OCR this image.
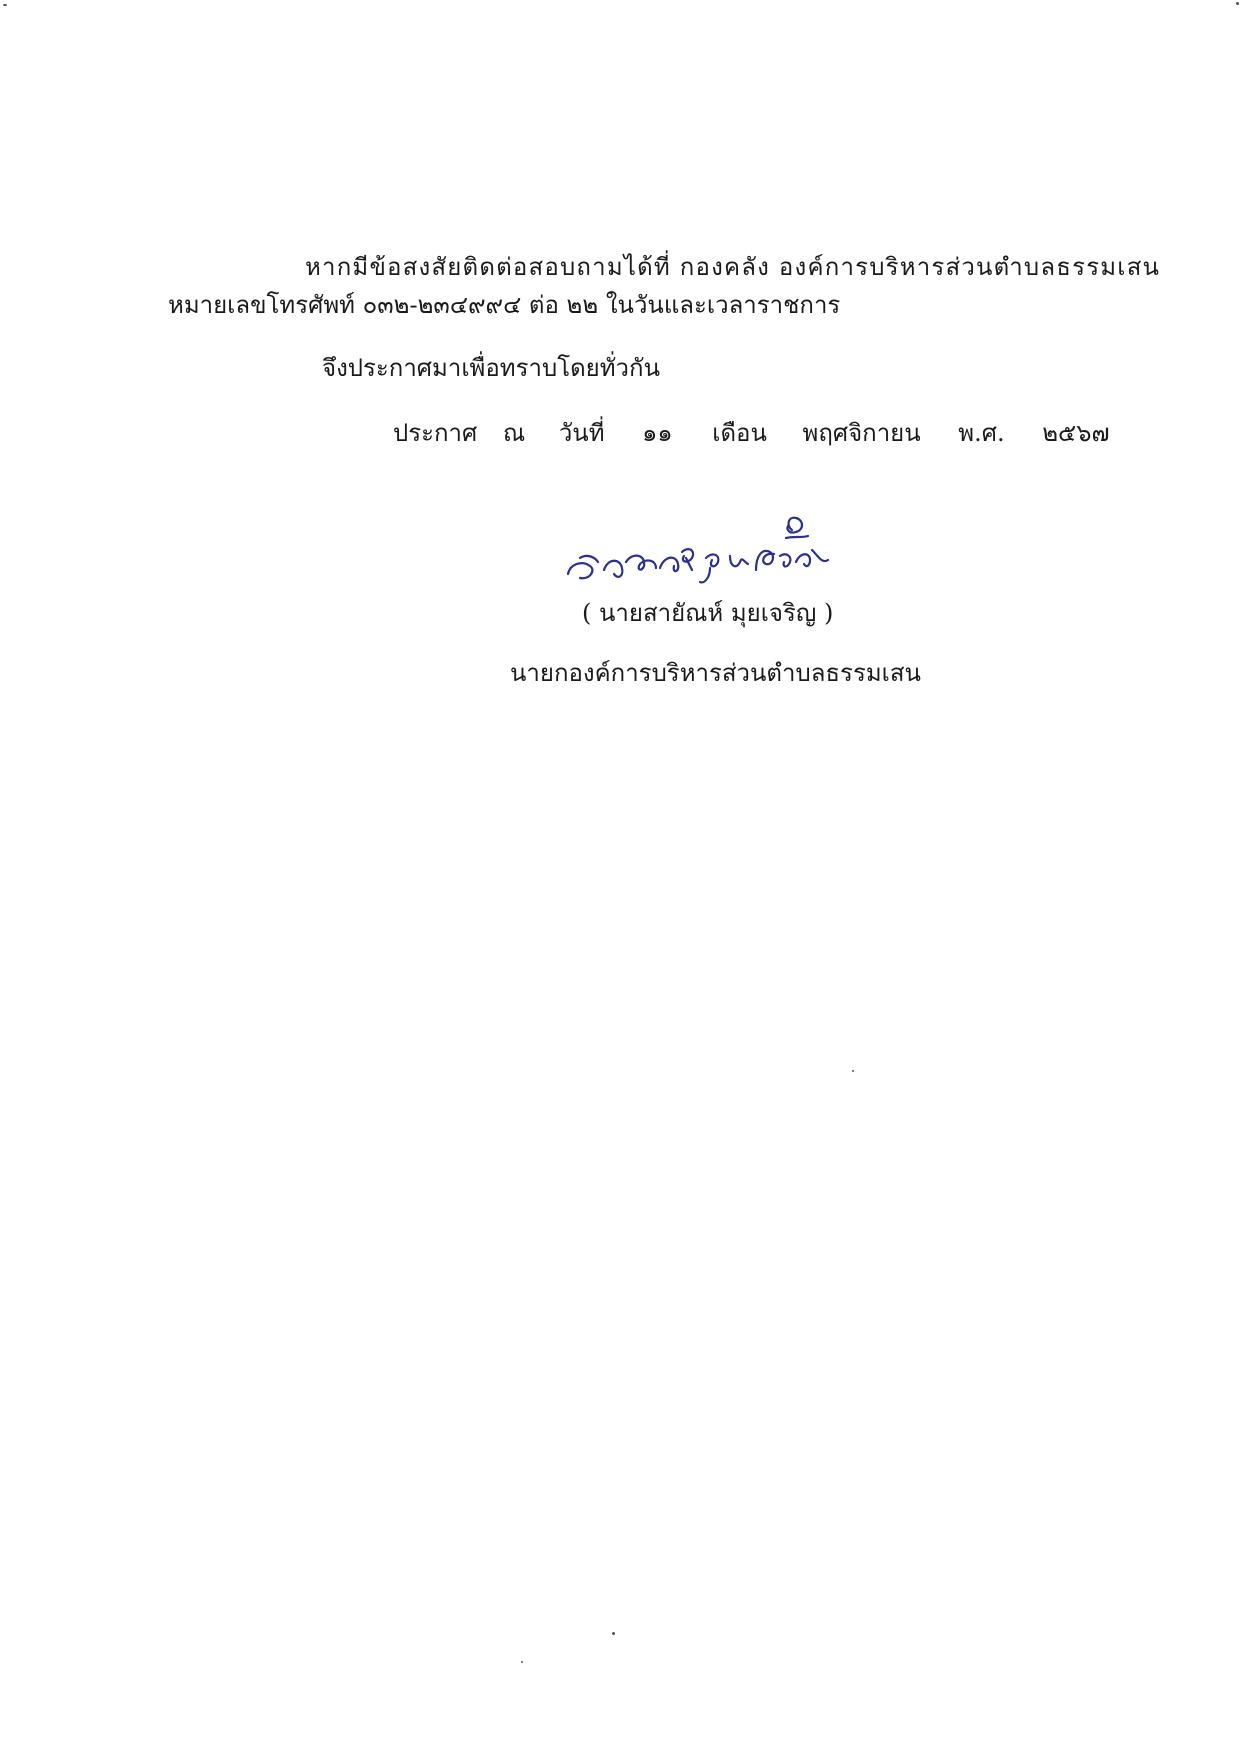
หากมีข้อสงสัยติดต่อสอบถามได้ที่ กองคลัง องค์การบริหารส่วนตำบลธรรมเสน
หมายเลขโทรศัพท์ ๐๓๒-๒๓๔๙๙๔ ต่อ ๒๒ ในวันและเวลาราชการ
จึงประกาศมาเพื่อทราบโดยทั่วกัน
ประกาศ ณ วันที่ ๑๑ เดือน พฤศจิกายน พ.ศ. ๒๕๖๗
( นายสายัณห์ มุยเจริญ )
นายกองค์การบริหารส่วนตำบลธรรมเสน
